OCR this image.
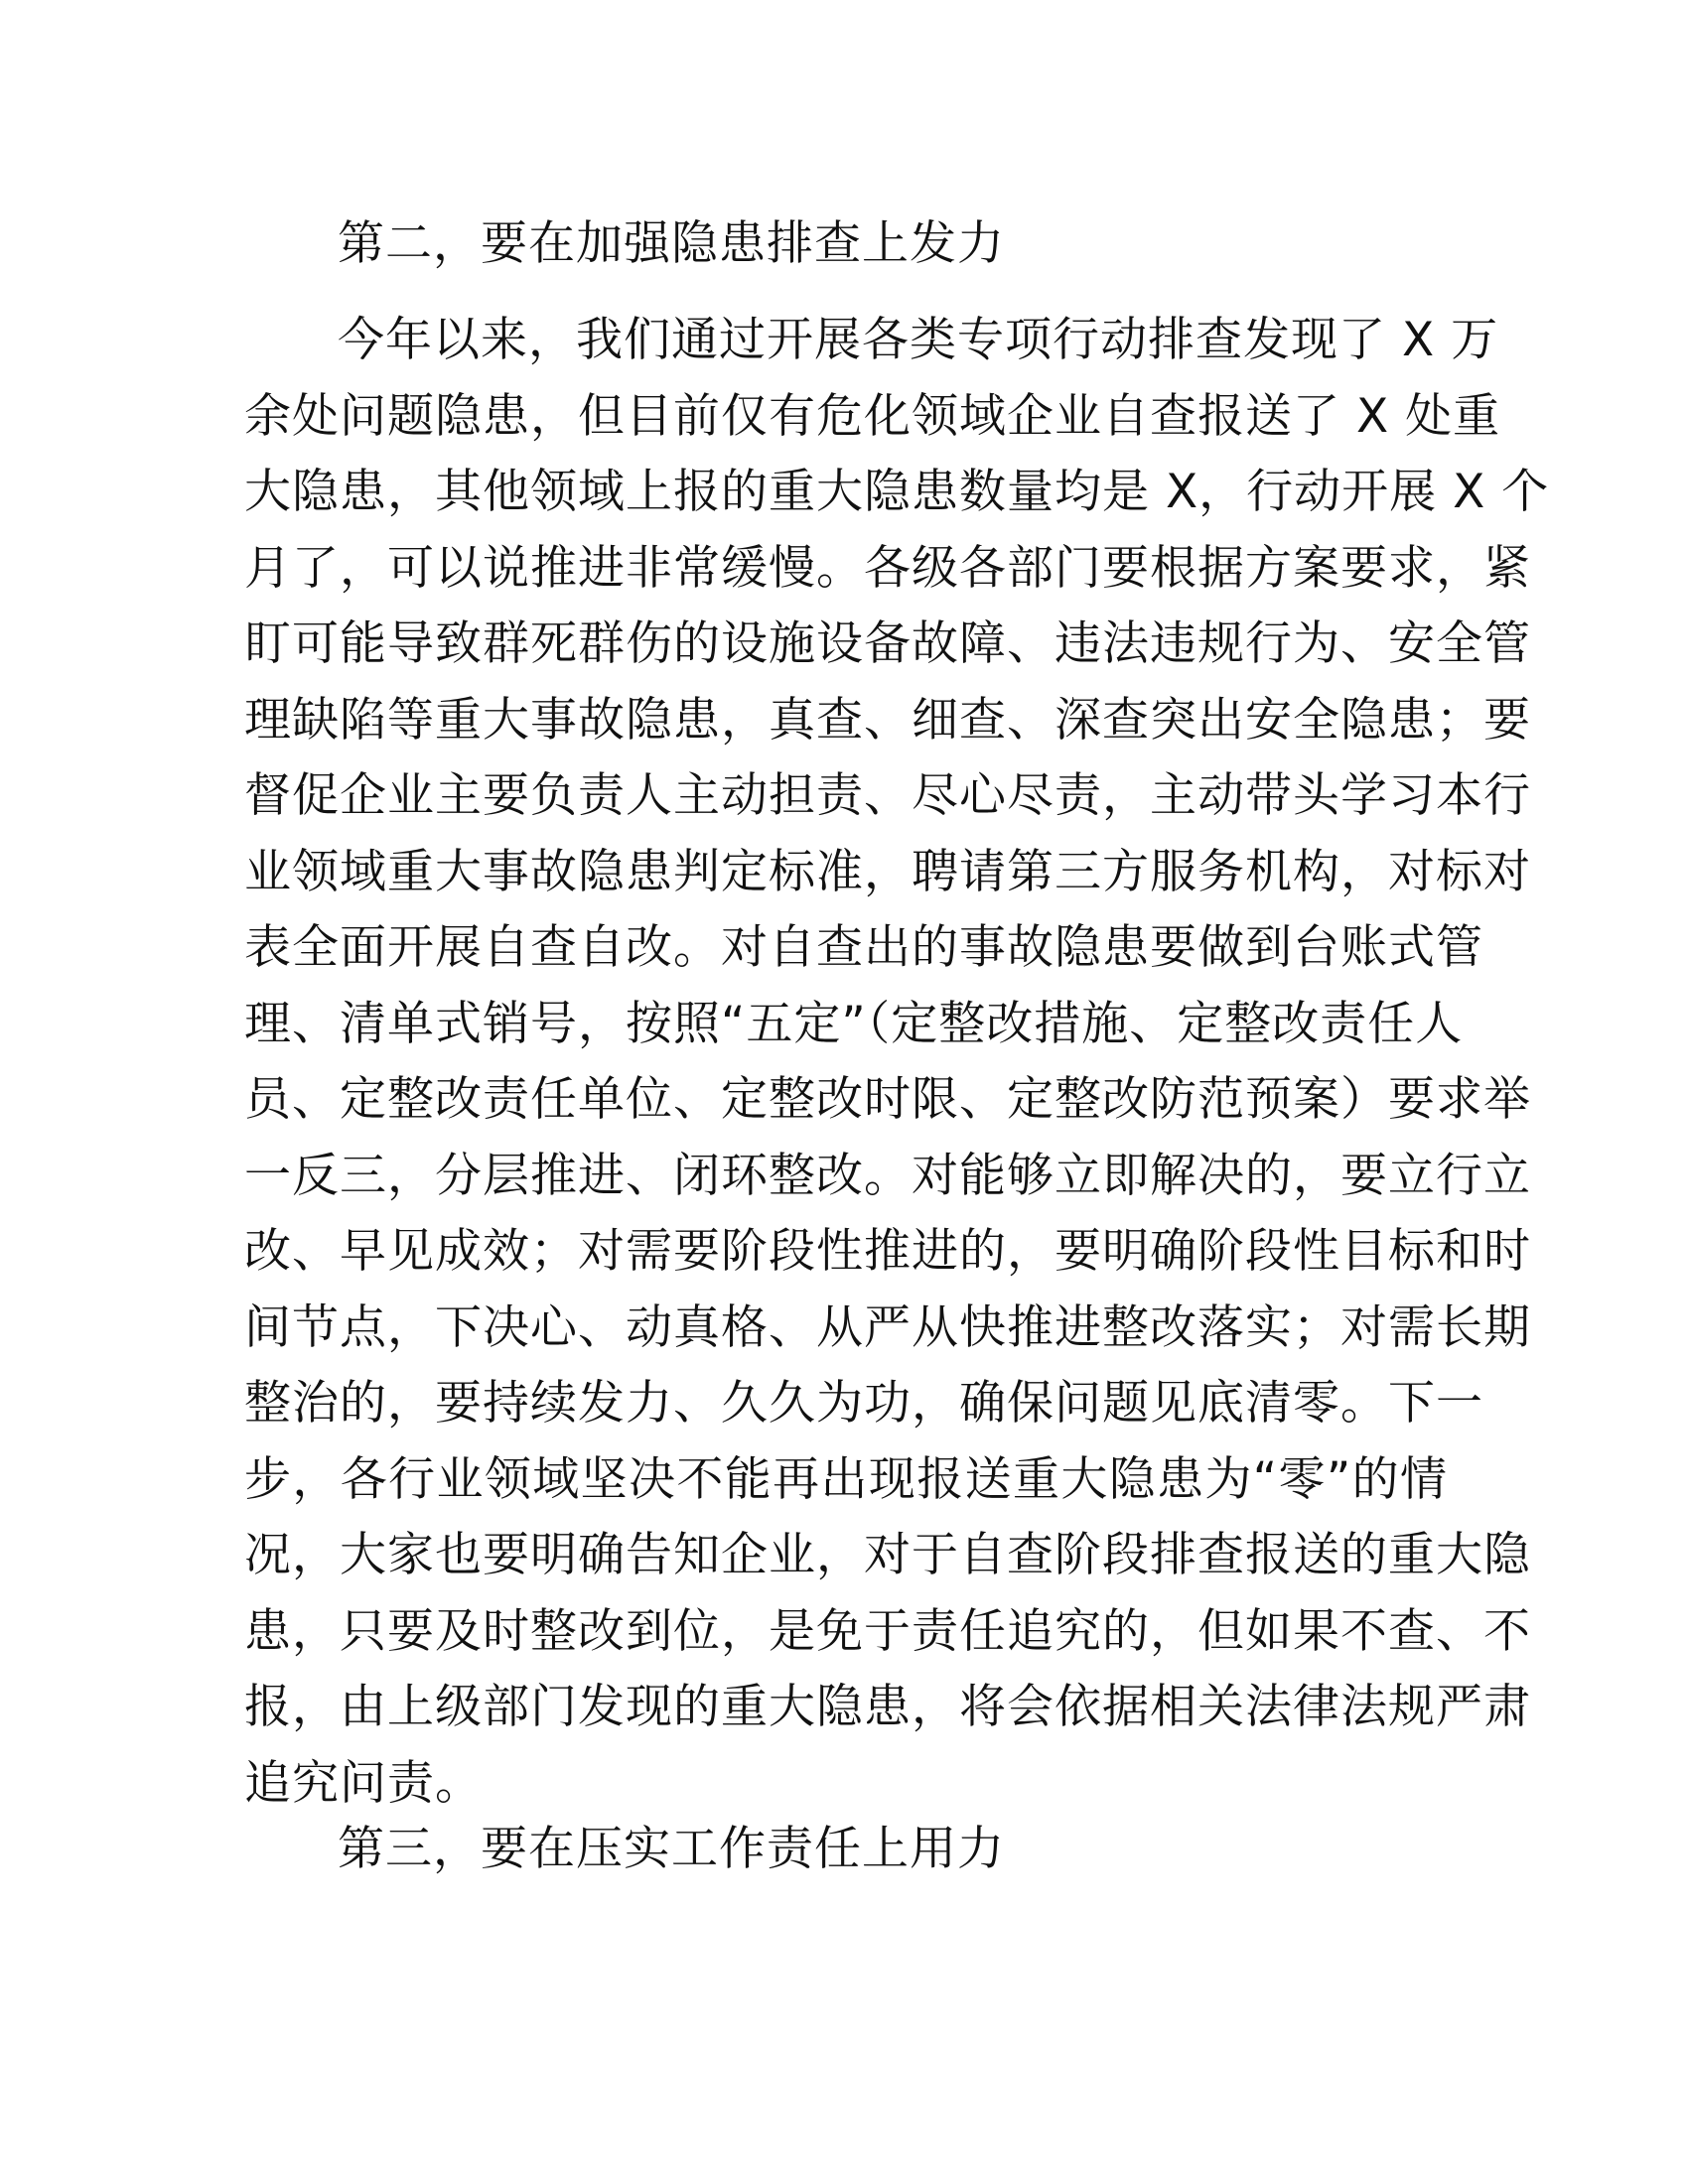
第二，要在加强隐患排查上发力
今年以来，我们通过开展各类专项行动排查发现了 X 万
余处问题隐患，但目前仅有危化领域企业自查报送了 X 处重
大隐患，其他领域上报的重大隐患数量均是 X，行动开展 X 个
月了，可以说推进非常缓慢。各级各部门要根据方案要求，紧
盯可能导致群死群伤的设施设备故障、违法违规行为、安全管
理缺陷等重大事故隐患，真查、细查、深查突出安全隐患；要
督促企业主要负责人主动担责、尽心尽责，主动带头学习本行
业领域重大事故隐患判定标准，聘请第三方服务机构，对标对
表全面开展自查自改。对自查出的事故隐患要做到台账式管
理、清单式销号，按照“五定”（定整改措施、定整改责任人
员、定整改责任单位、定整改时限、定整改防范预案）要求举
一反三，分层推进、闭环整改。对能够立即解决的，要立行立
改、早见成效；对需要阶段性推进的，要明确阶段性目标和时
间节点，下决心、动真格、从严从快推进整改落实；对需长期
整治的，要持续发力、久久为功，确保问题见底清零。下一
步，各行业领域坚决不能再出现报送重大隐患为“零”的情
况，大家也要明确告知企业，对于自查阶段排查报送的重大隐
患，只要及时整改到位，是免于责任追究的，但如果不查、不
报，由上级部门发现的重大隐患，将会依据相关法律法规严肃
追究问责。
第三，要在压实工作责任上用力
